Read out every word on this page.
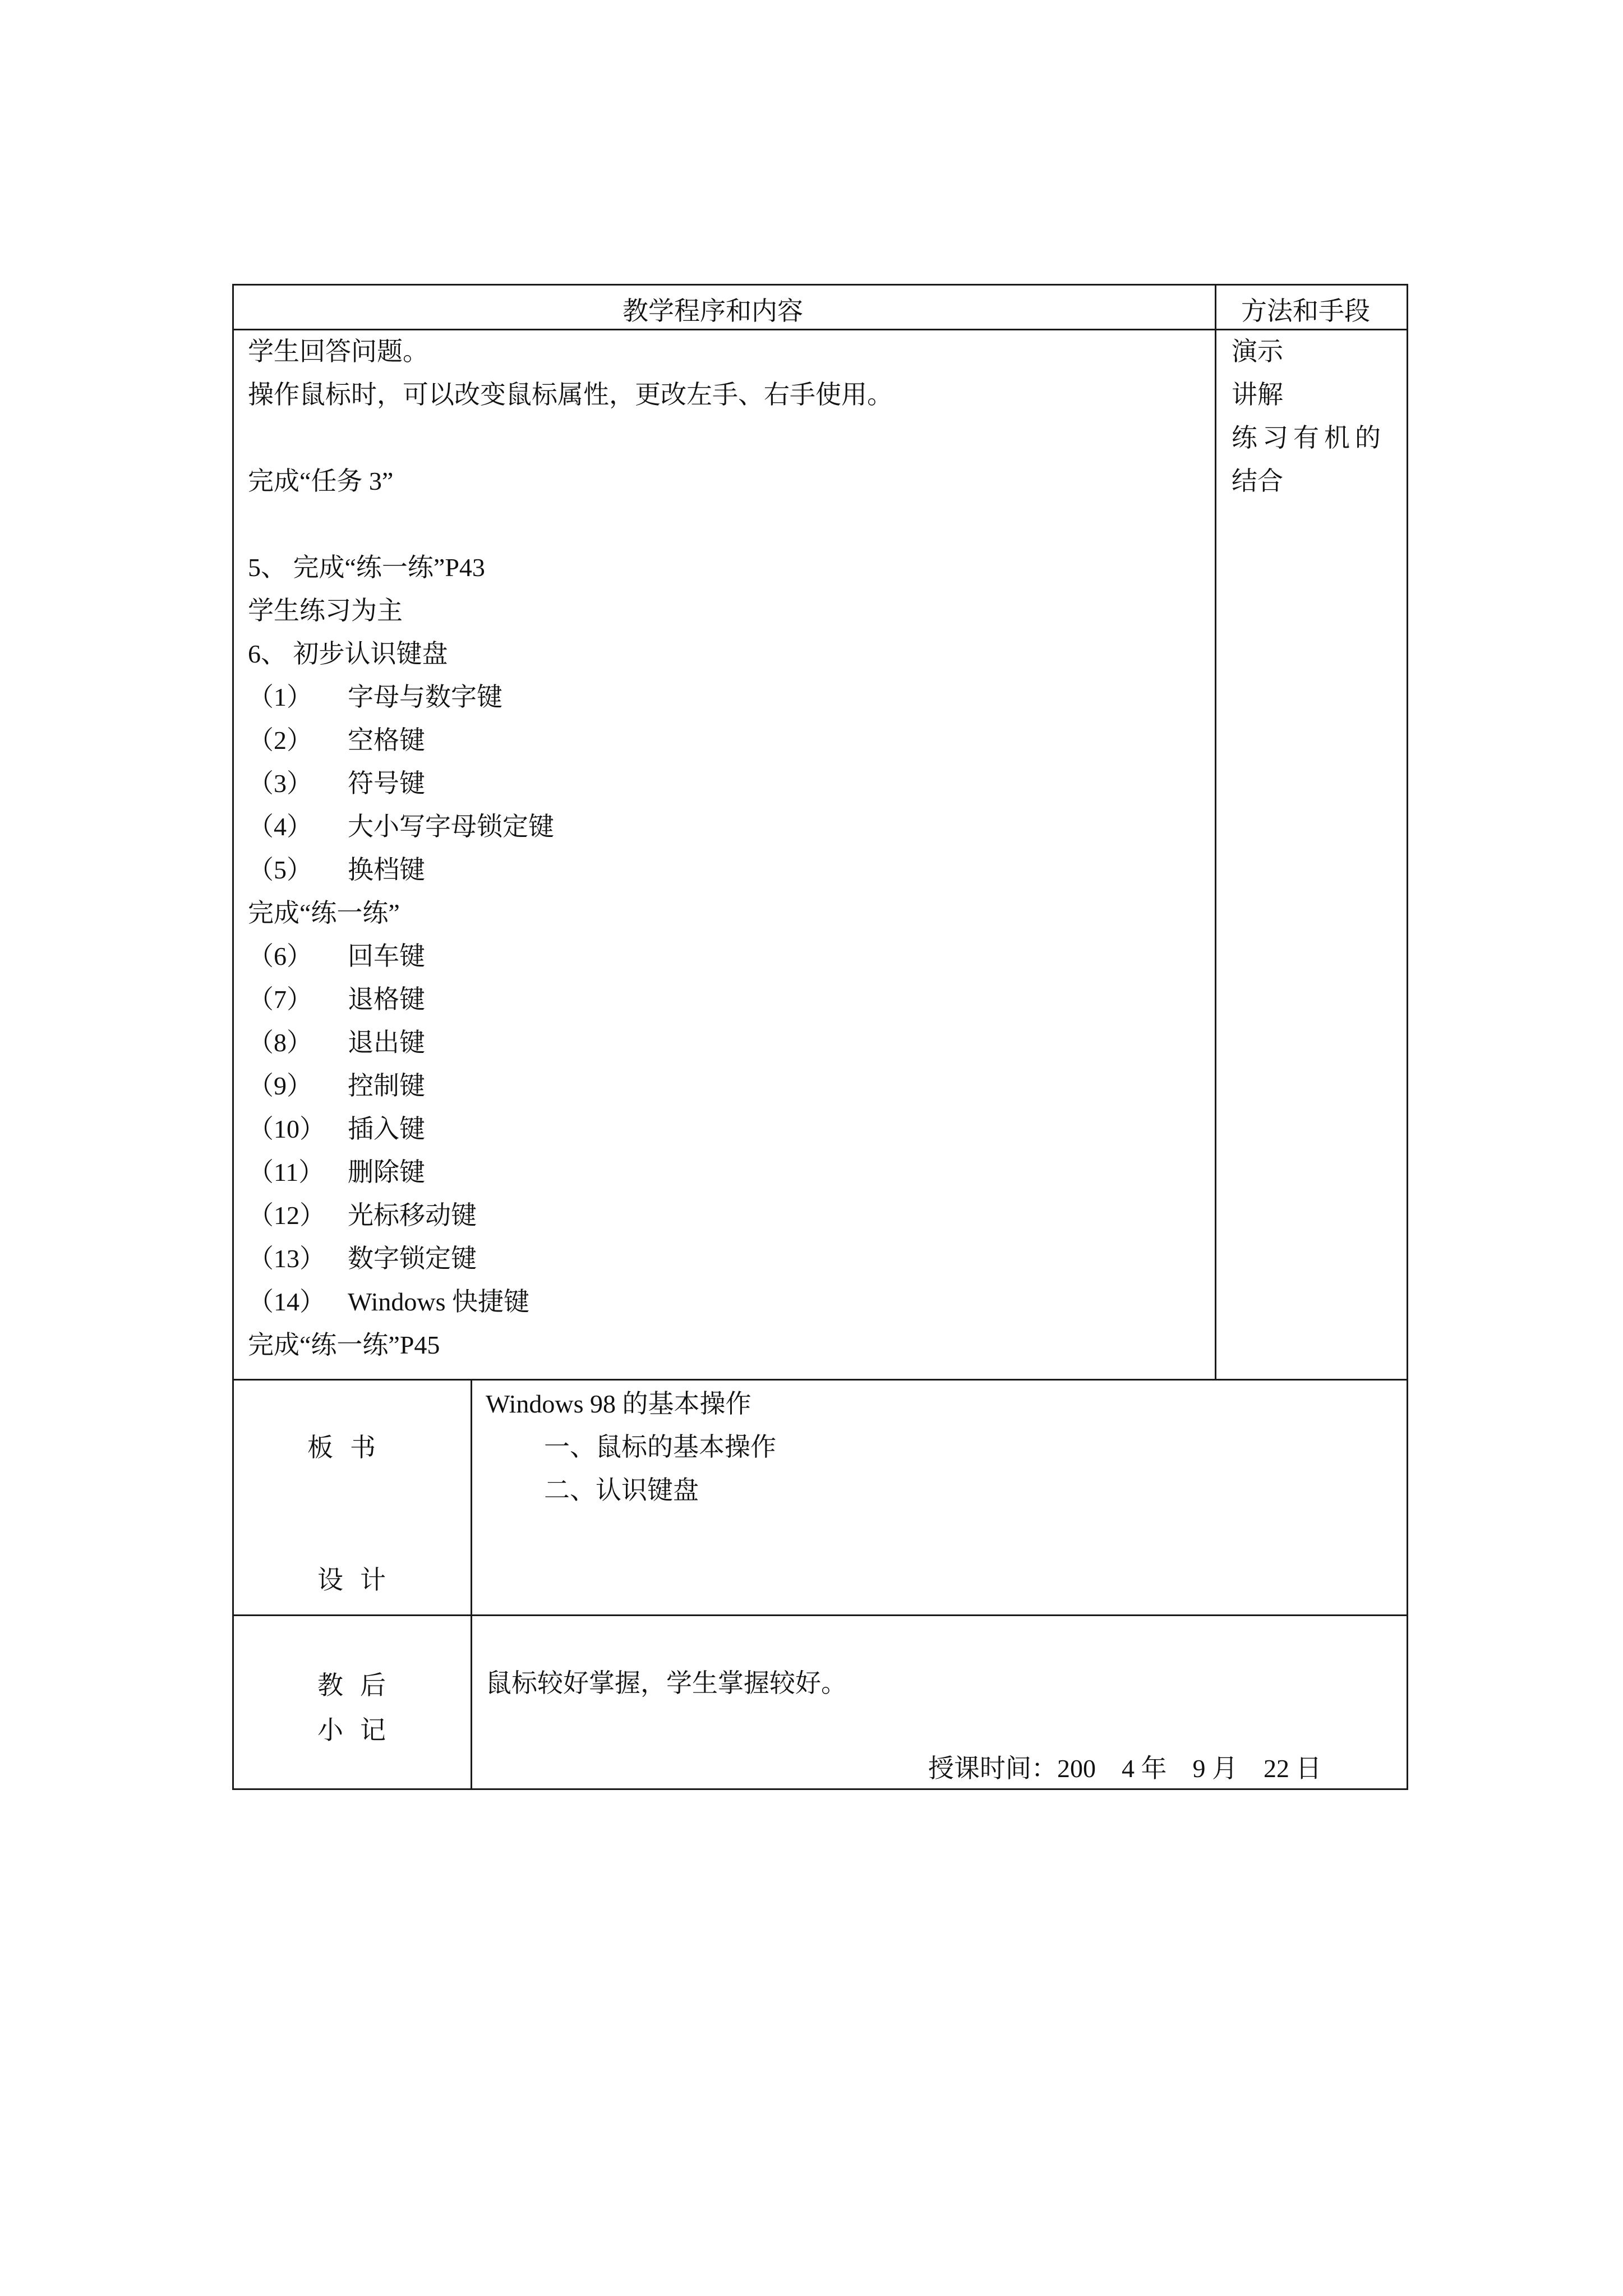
教学程序和内容	方法和手段
学生回答问题。
操作鼠标时，可以改变鼠标属性，更改左手、右手使用。
完成“任务 3”
5、 完成“练一练”P43
学生练习为主
6、 初步认识键盘
（1） 字母与数字键
（2） 空格键
（3） 符号键
（4） 大小写字母锁定键
（5） 换档键
完成“练一练”
（6） 回车键
（7） 退格键
（8） 退出键
（9） 控制键
（10） 插入键
（11） 删除键
（12） 光标移动键
（13） 数字锁定键
（14） Windows 快捷键
完成“练一练”P45
演示
讲解
练习有机的
结合
板书
设计
Windows 98 的基本操作
一、鼠标的基本操作
二、认识键盘
教后
小记
鼠标较好掌握，学生掌握较好。
授课时间：200　4 年　9 月　22 日
